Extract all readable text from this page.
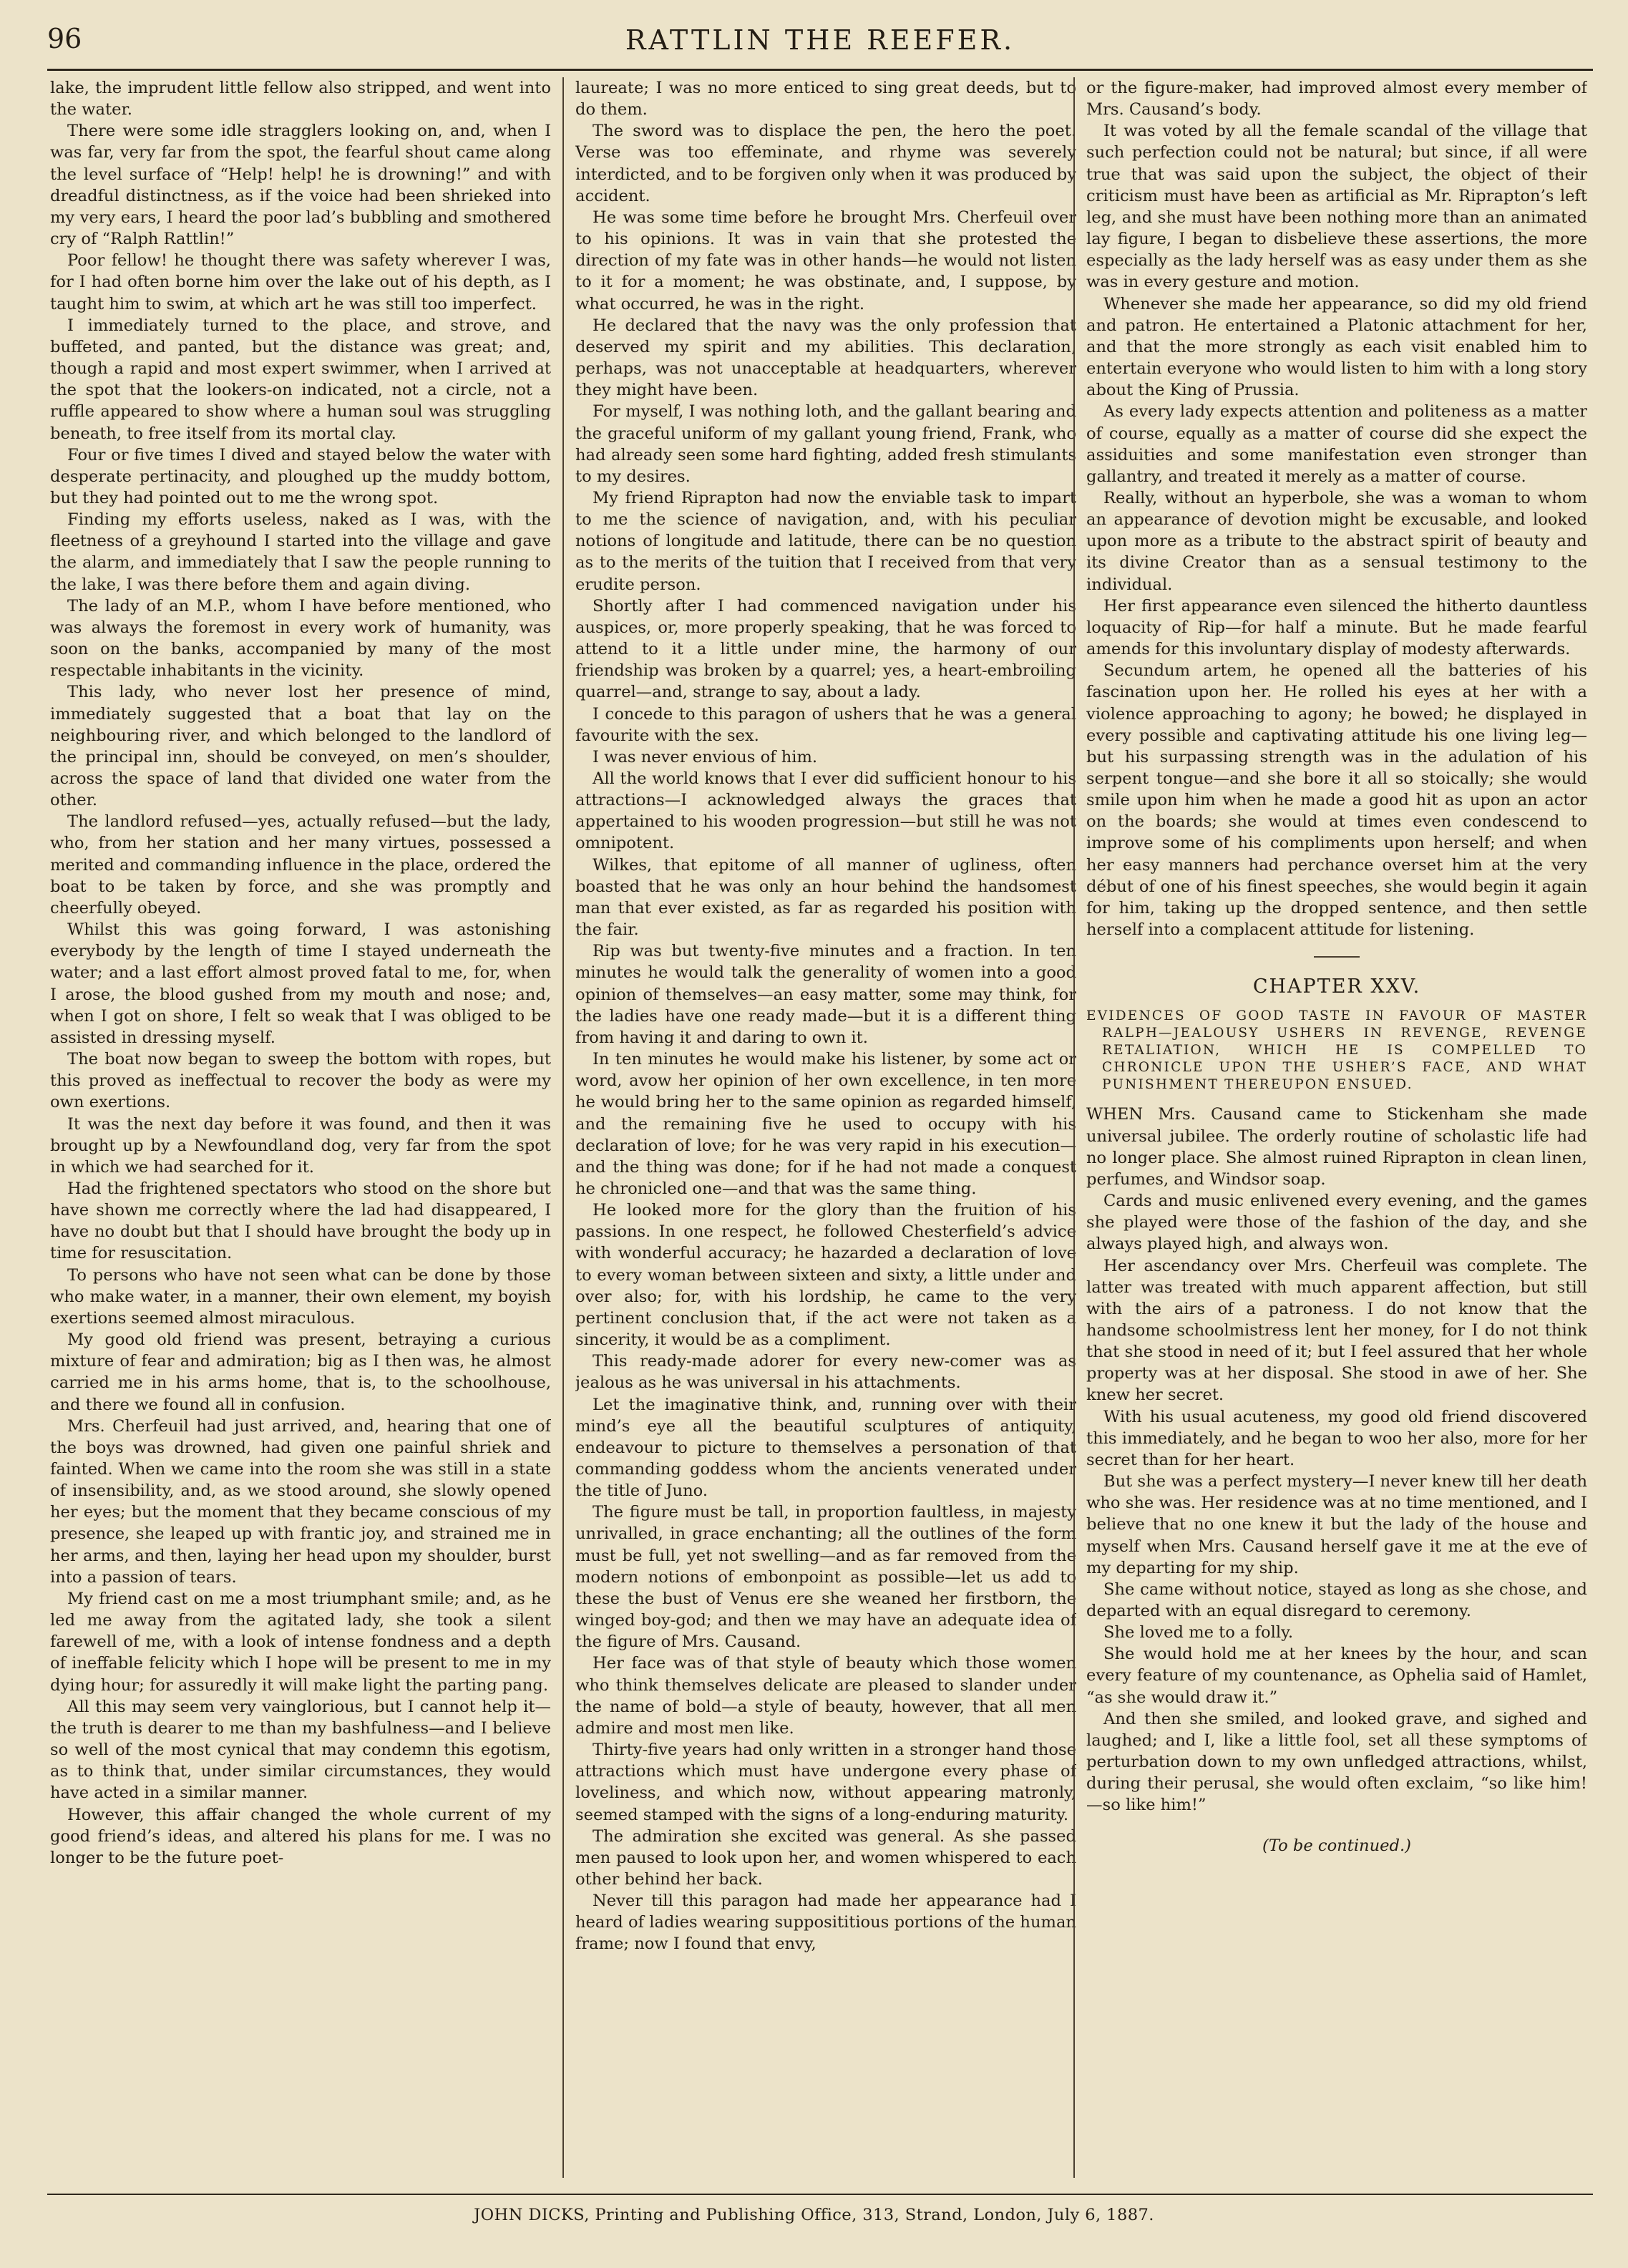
96	RATTLIN THE REEFER.

lake, the imprudent little fellow also stripped, and went into the water.

There were some idle stragglers looking on, and, when I was far, very far from the spot, the fearful shout came along the level surface of “Help! help! he is drowning!” and with dreadful distinctness, as if the voice had been shrieked into my very ears, I heard the poor lad’s bubbling and smothered cry of “Ralph Rattlin!”

Poor fellow! he thought there was safety wherever I was, for I had often borne him over the lake out of his depth, as I taught him to swim, at which art he was still too imperfect.

I immediately turned to the place, and strove, and buffeted, and panted, but the distance was great; and, though a rapid and most expert swimmer, when I arrived at the spot that the lookers-on indicated, not a circle, not a ruffle appeared to show where a human soul was struggling beneath, to free itself from its mortal clay.

Four or five times I dived and stayed below the water with desperate pertinacity, and ploughed up the muddy bottom, but they had pointed out to me the wrong spot.

Finding my efforts useless, naked as I was, with the fleetness of a greyhound I started into the village and gave the alarm, and immediately that I saw the people running to the lake, I was there before them and again diving.

The lady of an M.P., whom I have before mentioned, who was always the foremost in every work of humanity, was soon on the banks, accompanied by many of the most respectable inhabitants in the vicinity.

This lady, who never lost her presence of mind, immediately suggested that a boat that lay on the neighbouring river, and which belonged to the landlord of the principal inn, should be conveyed, on men’s shoulder, across the space of land that divided one water from the other.

The landlord refused—yes, actually refused—but the lady, who, from her station and her many virtues, possessed a merited and commanding influence in the place, ordered the boat to be taken by force, and she was promptly and cheerfully obeyed.

Whilst this was going forward, I was astonishing everybody by the length of time I stayed underneath the water; and a last effort almost proved fatal to me, for, when I arose, the blood gushed from my mouth and nose; and, when I got on shore, I felt so weak that I was obliged to be assisted in dressing myself.

The boat now began to sweep the bottom with ropes, but this proved as ineffectual to recover the body as were my own exertions.

It was the next day before it was found, and then it was brought up by a Newfoundland dog, very far from the spot in which we had searched for it.

Had the frightened spectators who stood on the shore but have shown me correctly where the lad had disappeared, I have no doubt but that I should have brought the body up in time for resuscitation.

To persons who have not seen what can be done by those who make water, in a manner, their own element, my boyish exertions seemed almost miraculous.

My good old friend was present, betraying a curious mixture of fear and admiration; big as I then was, he almost carried me in his arms home, that is, to the schoolhouse, and there we found all in confusion.

Mrs. Cherfeuil had just arrived, and, hearing that one of the boys was drowned, had given one painful shriek and fainted. When we came into the room she was still in a state of insensibility, and, as we stood around, she slowly opened her eyes; but the moment that they became conscious of my presence, she leaped up with frantic joy, and strained me in her arms, and then, laying her head upon my shoulder, burst into a passion of tears.

My friend cast on me a most triumphant smile; and, as he led me away from the agitated lady, she took a silent farewell of me, with a look of intense fondness and a depth of ineffable felicity which I hope will be present to me in my dying hour; for assuredly it will make light the parting pang.

All this may seem very vainglorious, but I cannot help it—the truth is dearer to me than my bashfulness—and I believe so well of the most cynical that may condemn this egotism, as to think that, under similar circumstances, they would have acted in a similar manner.

However, this affair changed the whole current of my good friend’s ideas, and altered his plans for me. I was no longer to be the future poet-

laureate; I was no more enticed to sing great deeds, but to do them.

The sword was to displace the pen, the hero the poet. Verse was too effeminate, and rhyme was severely interdicted, and to be forgiven only when it was produced by accident.

He was some time before he brought Mrs. Cherfeuil over to his opinions. It was in vain that she protested the direction of my fate was in other hands—he would not listen to it for a moment; he was obstinate, and, I suppose, by what occurred, he was in the right.

He declared that the navy was the only profession that deserved my spirit and my abilities. This declaration, perhaps, was not unacceptable at headquarters, wherever they might have been.

For myself, I was nothing loth, and the gallant bearing and the graceful uniform of my gallant young friend, Frank, who had already seen some hard fighting, added fresh stimulants to my desires.

My friend Riprapton had now the enviable task to impart to me the science of navigation, and, with his peculiar notions of longitude and latitude, there can be no question as to the merits of the tuition that I received from that very erudite person.

Shortly after I had commenced navigation under his auspices, or, more properly speaking, that he was forced to attend to it a little under mine, the harmony of our friendship was broken by a quarrel; yes, a heart-embroiling quarrel—and, strange to say, about a lady.

I concede to this paragon of ushers that he was a general favourite with the sex.

I was never envious of him.

All the world knows that I ever did sufficient honour to his attractions—I acknowledged always the graces that appertained to his wooden progression—but still he was not omnipotent.

Wilkes, that epitome of all manner of ugliness, often boasted that he was only an hour behind the handsomest man that ever existed, as far as regarded his position with the fair.

Rip was but twenty-five minutes and a fraction. In ten minutes he would talk the generality of women into a good opinion of themselves—an easy matter, some may think, for the ladies have one ready made—but it is a different thing from having it and daring to own it.

In ten minutes he would make his listener, by some act or word, avow her opinion of her own excellence, in ten more he would bring her to the same opinion as regarded himself, and the remaining five he used to occupy with his declaration of love; for he was very rapid in his execution—and the thing was done; for if he had not made a conquest he chronicled one—and that was the same thing.

He looked more for the glory than the fruition of his passions. In one respect, he followed Chesterfield’s advice with wonderful accuracy; he hazarded a declaration of love to every woman between sixteen and sixty, a little under and over also; for, with his lordship, he came to the very pertinent conclusion that, if the act were not taken as a sincerity, it would be as a compliment.

This ready-made adorer for every new-comer was as jealous as he was universal in his attachments.

Let the imaginative think, and, running over with their mind’s eye all the beautiful sculptures of antiquity, endeavour to picture to themselves a personation of that commanding goddess whom the ancients venerated under the title of Juno.

The figure must be tall, in proportion faultless, in majesty unrivalled, in grace enchanting; all the outlines of the form must be full, yet not swelling—and as far removed from the modern notions of embonpoint as possible—let us add to these the bust of Venus ere she weaned her firstborn, the winged boy-god; and then we may have an adequate idea of the figure of Mrs. Causand.

Her face was of that style of beauty which those women who think themselves delicate are pleased to slander under the name of bold—a style of beauty, however, that all men admire and most men like.

Thirty-five years had only written in a stronger hand those attractions which must have undergone every phase of loveliness, and which now, without appearing matronly, seemed stamped with the signs of a long-enduring maturity.

The admiration she excited was general. As she passed men paused to look upon her, and women whispered to each other behind her back.

Never till this paragon had made her appearance had I heard of ladies wearing supposititious portions of the human frame; now I found that envy,

or the figure-maker, had improved almost every member of Mrs. Causand’s body.

It was voted by all the female scandal of the village that such perfection could not be natural; but since, if all were true that was said upon the subject, the object of their criticism must have been as artificial as Mr. Riprapton’s left leg, and she must have been nothing more than an animated lay figure, I began to disbelieve these assertions, the more especially as the lady herself was as easy under them as she was in every gesture and motion.

Whenever she made her appearance, so did my old friend and patron. He entertained a Platonic attachment for her, and that the more strongly as each visit enabled him to entertain everyone who would listen to him with a long story about the King of Prussia.

As every lady expects attention and politeness as a matter of course, equally as a matter of course did she expect the assiduities and some manifestation even stronger than gallantry, and treated it merely as a matter of course.

Really, without an hyperbole, she was a woman to whom an appearance of devotion might be excusable, and looked upon more as a tribute to the abstract spirit of beauty and its divine Creator than as a sensual testimony to the individual.

Her first appearance even silenced the hitherto dauntless loquacity of Rip—for half a minute. But he made fearful amends for this involuntary display of modesty afterwards.

Secundum artem, he opened all the batteries of his fascination upon her. He rolled his eyes at her with a violence approaching to agony; he bowed; he displayed in every possible and captivating attitude his one living leg—but his surpassing strength was in the adulation of his serpent tongue—and she bore it all so stoically; she would smile upon him when he made a good hit as upon an actor on the boards; she would at times even condescend to improve some of his compliments upon herself; and when her easy manners had perchance overset him at the very début of one of his finest speeches, she would begin it again for him, taking up the dropped sentence, and then settle herself into a complacent attitude for listening.

CHAPTER XXV.
EVIDENCES OF GOOD TASTE IN FAVOUR OF MASTER RALPH—JEALOUSY USHERS IN REVENGE, REVENGE RETALIATION, WHICH HE IS COMPELLED TO CHRONICLE UPON THE USHER’S FACE, AND WHAT PUNISHMENT THEREUPON ENSUED.

WHEN Mrs. Causand came to Stickenham she made universal jubilee. The orderly routine of scholastic life had no longer place. She almost ruined Riprapton in clean linen, perfumes, and Windsor soap.

Cards and music enlivened every evening, and the games she played were those of the fashion of the day, and she always played high, and always won.

Her ascendancy over Mrs. Cherfeuil was complete. The latter was treated with much apparent affection, but still with the airs of a patroness. I do not know that the handsome schoolmistress lent her money, for I do not think that she stood in need of it; but I feel assured that her whole property was at her disposal. She stood in awe of her. She knew her secret.

With his usual acuteness, my good old friend discovered this immediately, and he began to woo her also, more for her secret than for her heart.

But she was a perfect mystery—I never knew till her death who she was. Her residence was at no time mentioned, and I believe that no one knew it but the lady of the house and myself when Mrs. Causand herself gave it me at the eve of my departing for my ship.

She came without notice, stayed as long as she chose, and departed with an equal disregard to ceremony.

She loved me to a folly.

She would hold me at her knees by the hour, and scan every feature of my countenance, as Ophelia said of Hamlet, “as she would draw it.”

And then she smiled, and looked grave, and sighed and laughed; and I, like a little fool, set all these symptoms of perturbation down to my own unfledged attractions, whilst, during their perusal, she would often exclaim, “so like him!—so like him!”

(To be continued.)
JOHN DICKS, Printing and Publishing Office, 313, Strand, London, July 6, 1887.
